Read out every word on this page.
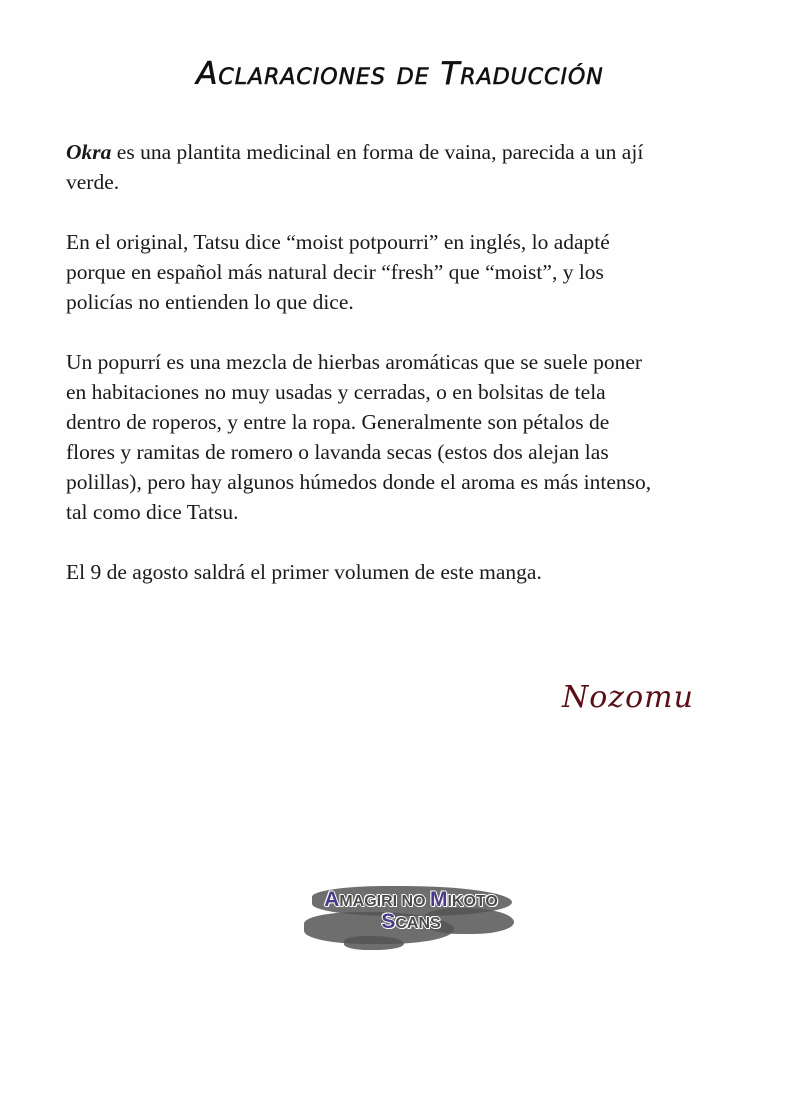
Aclaraciones de Traducción

Okra es una plantita medicinal en forma de vaina, parecida a un ají
verde.

En el original, Tatsu dice “moist potpourri” en inglés, lo adapté
porque en español más natural decir “fresh” que “moist”, y los
policías no entienden lo que dice.

Un popurrí es una mezcla de hierbas aromáticas que se suele poner
en habitaciones no muy usadas y cerradas, o en bolsitas de tela
dentro de roperos, y entre la ropa. Generalmente son pétalos de
flores y ramitas de romero o lavanda secas (estos dos alejan las
polillas), pero hay algunos húmedos donde el aroma es más intenso,
tal como dice Tatsu.

El 9 de agosto saldrá el primer volumen de este manga.

Nozomu
AMAGIRI NO MIKOTO
SCANS
